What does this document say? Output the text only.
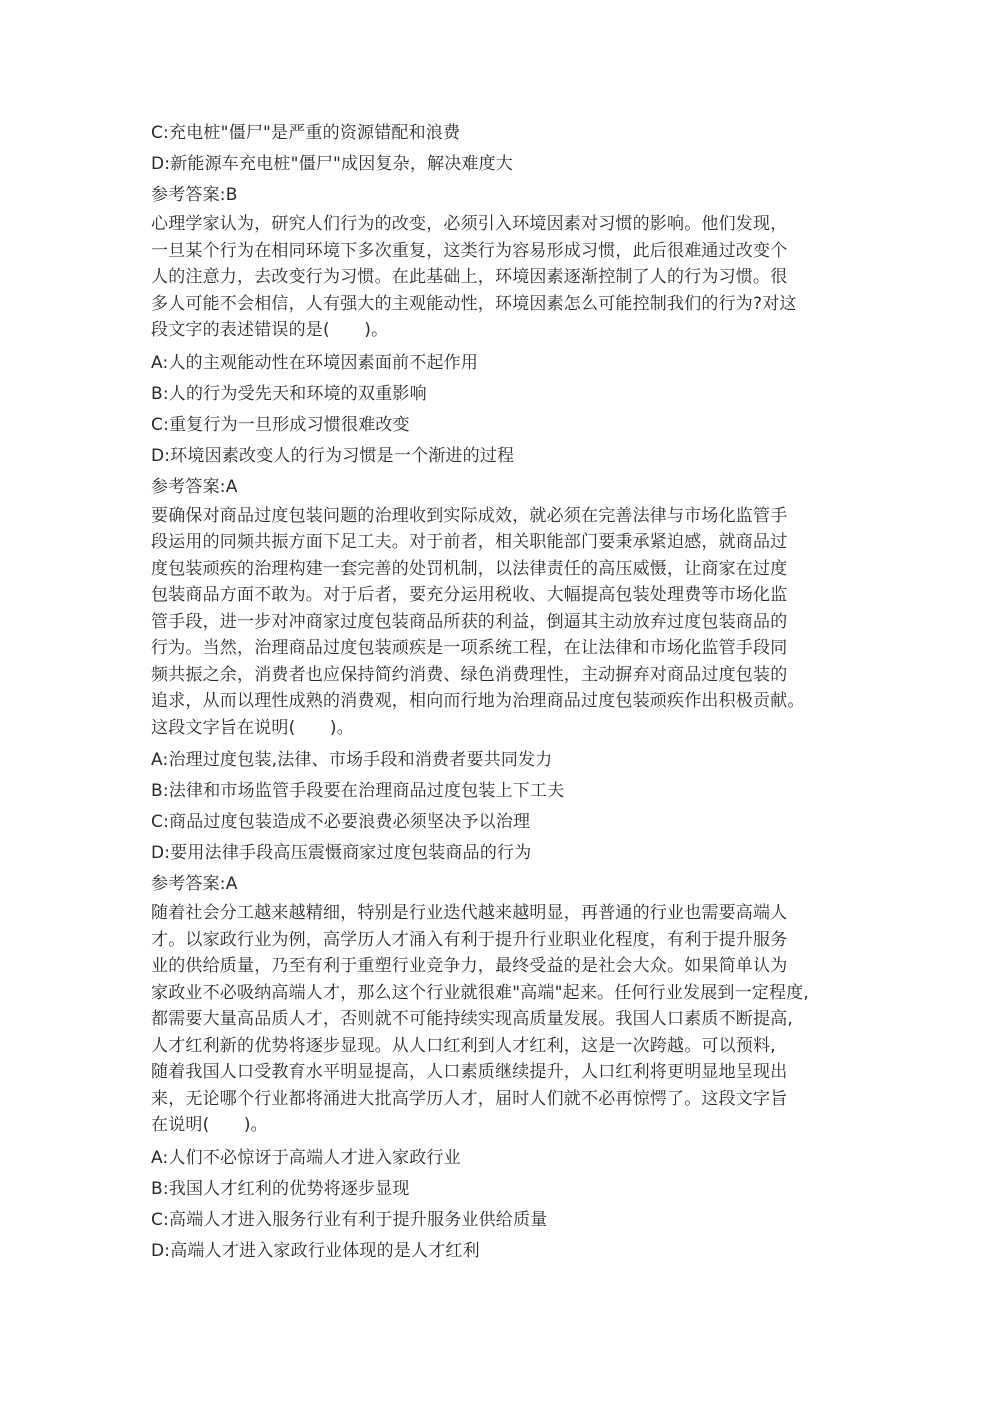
C:充电桩"僵尸"是严重的资源错配和浪费
D:新能源车充电桩"僵尸"成因复杂，解决难度大
参考答案:B
心理学家认为，研究人们行为的改变，必须引入环境因素对习惯的影响。他们发现，
一旦某个行为在相同环境下多次重复，这类行为容易形成习惯，此后很难通过改变个
人的注意力，去改变行为习惯。在此基础上，环境因素逐渐控制了人的行为习惯。很
多人可能不会相信，人有强大的主观能动性，环境因素怎么可能控制我们的行为?对这
段文字的表述错误的是(　　)。
A:人的主观能动性在环境因素面前不起作用
B:人的行为受先天和环境的双重影响
C:重复行为一旦形成习惯很难改变
D:环境因素改变人的行为习惯是一个渐进的过程
参考答案:A
要确保对商品过度包装问题的治理收到实际成效，就必须在完善法律与市场化监管手
段运用的同频共振方面下足工夫。对于前者，相关职能部门要秉承紧迫感，就商品过
度包装顽疾的治理构建一套完善的处罚机制，以法律责任的高压威慑，让商家在过度
包装商品方面不敢为。对于后者，要充分运用税收、大幅提高包装处理费等市场化监
管手段，进一步对冲商家过度包装商品所获的利益，倒逼其主动放弃过度包装商品的
行为。当然，治理商品过度包装顽疾是一项系统工程，在让法律和市场化监管手段同
频共振之余，消费者也应保持简约消费、绿色消费理性，主动摒弃对商品过度包装的
追求，从而以理性成熟的消费观，相向而行地为治理商品过度包装顽疾作出积极贡献。
这段文字旨在说明(　　)。
A:治理过度包装,法律、市场手段和消费者要共同发力
B:法律和市场监管手段要在治理商品过度包装上下工夫
C:商品过度包装造成不必要浪费必须坚决予以治理
D:要用法律手段高压震慑商家过度包装商品的行为
参考答案:A
随着社会分工越来越精细，特别是行业迭代越来越明显，再普通的行业也需要高端人
才。以家政行业为例，高学历人才涌入有利于提升行业职业化程度，有利于提升服务
业的供给质量，乃至有利于重塑行业竞争力，最终受益的是社会大众。如果简单认为
家政业不必吸纳高端人才，那么这个行业就很难"高端"起来。任何行业发展到一定程度,
都需要大量高品质人才，否则就不可能持续实现高质量发展。我国人口素质不断提高,
人才红利新的优势将逐步显现。从人口红利到人才红利，这是一次跨越。可以预料,
随着我国人口受教育水平明显提高，人口素质继续提升，人口红利将更明显地呈现出
来，无论哪个行业都将涌进大批高学历人才，届时人们就不必再惊愕了。这段文字旨
在说明(　　)。
A:人们不必惊讶于高端人才进入家政行业
B:我国人才红利的优势将逐步显现
C:高端人才进入服务行业有利于提升服务业供给质量
D:高端人才进入家政行业体现的是人才红利
